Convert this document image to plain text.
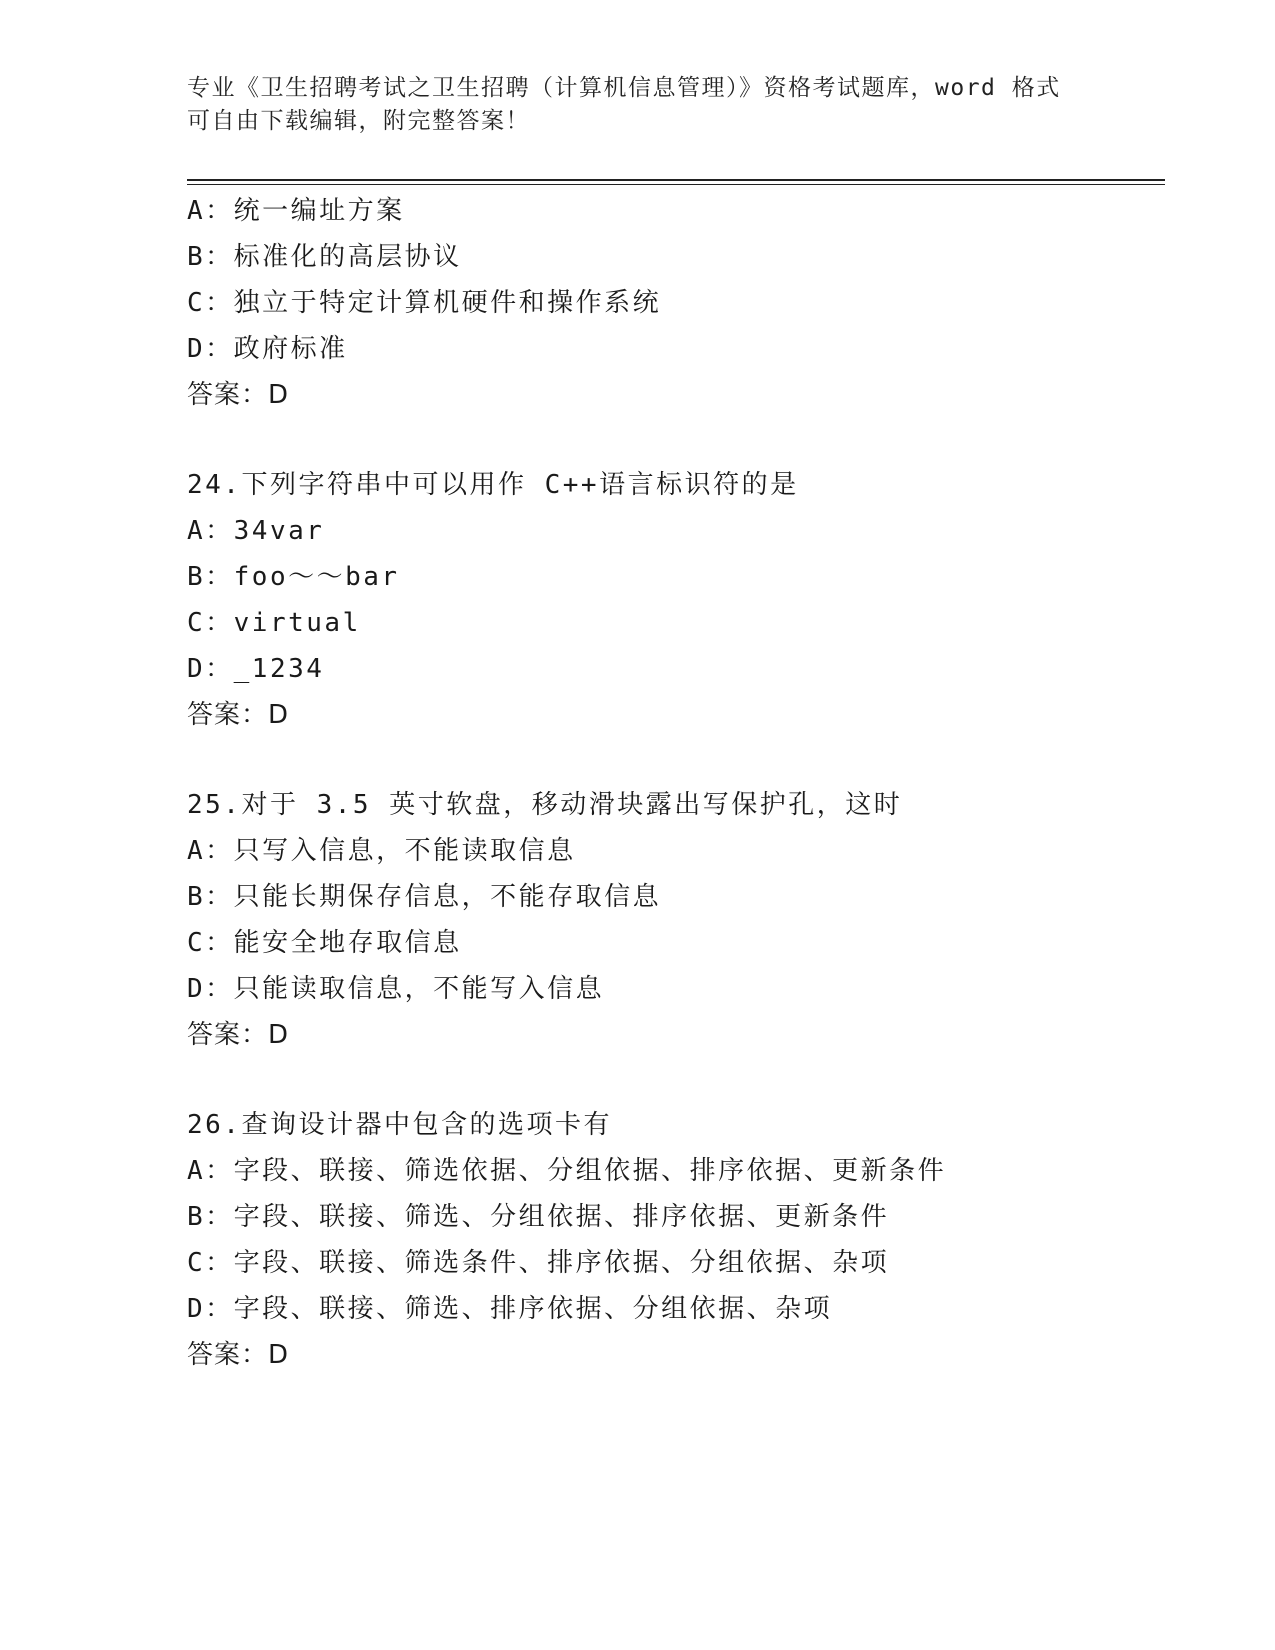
专业《卫生招聘考试之卫生招聘（计算机信息管理）》资格考试题库，word 格式
可自由下载编辑，附完整答案！
A：统一编址方案
B：标准化的高层协议
C：独立于特定计算机硬件和操作系统
D：政府标准
答案：D
24.下列字符串中可以用作 C++语言标识符的是
A：34var
B：foo～～bar
C：virtual
D：_1234
答案：D
25.对于 3.5 英寸软盘，移动滑块露出写保护孔，这时
A：只写入信息，不能读取信息
B：只能长期保存信息，不能存取信息
C：能安全地存取信息
D：只能读取信息，不能写入信息
答案：D
26.查询设计器中包含的选项卡有
A：字段、联接、筛选依据、分组依据、排序依据、更新条件
B：字段、联接、筛选、分组依据、排序依据、更新条件
C：字段、联接、筛选条件、排序依据、分组依据、杂项
D：字段、联接、筛选、排序依据、分组依据、杂项
答案：D
